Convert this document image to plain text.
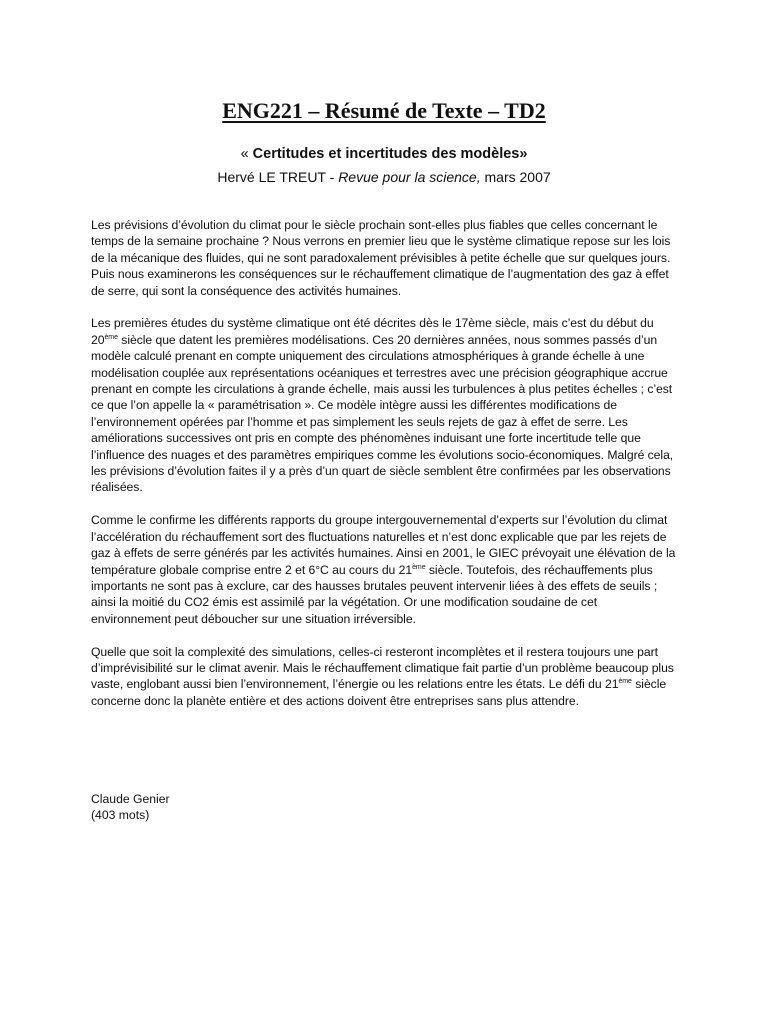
ENG221 – Résumé de Texte – TD2
« Certitudes et incertitudes des modèles»
Hervé LE TREUT - Revue pour la science, mars 2007

Les prévisions d’évolution du climat pour le siècle prochain sont-elles plus fiables que celles concernant le temps de la semaine prochaine ? Nous verrons en premier lieu que le système climatique repose sur les lois de la mécanique des fluides, qui ne sont paradoxalement prévisibles à petite échelle que sur quelques jours. Puis nous examinerons les conséquences sur le réchauffement climatique de l’augmentation des gaz à effet de serre, qui sont la conséquence des activités humaines.

Les premières études du système climatique ont été décrites dès le 17ème siècle, mais c’est du début du 20ème siècle que datent les premières modélisations. Ces 20 dernières années, nous sommes passés d’un modèle calculé prenant en compte uniquement des circulations atmosphériques à grande échelle à une modélisation couplée aux représentations océaniques et terrestres avec une précision géographique accrue prenant en compte les circulations à grande échelle, mais aussi les turbulences à plus petites échelles ; c’est ce que l’on appelle la « paramétrisation ». Ce modèle intègre aussi les différentes modifications de l’environnement opérées par l’homme et pas simplement les seuls rejets de gaz à effet de serre. Les améliorations successives ont pris en compte des phénomènes induisant une forte incertitude telle que l’influence des nuages et des paramètres empiriques comme les évolutions socio-économiques. Malgré cela, les prévisions d’évolution faites il y a près d’un quart de siècle semblent être confirmées par les observations réalisées.

Comme le confirme les différents rapports du groupe intergouvernemental d’experts sur l’évolution du climat l’accélération du réchauffement sort des fluctuations naturelles et n’est donc explicable que par les rejets de gaz à effets de serre générés par les activités humaines. Ainsi en 2001, le GIEC prévoyait une élévation de la température globale comprise entre 2 et 6°C au cours du 21ème siècle. Toutefois, des réchauffements plus importants ne sont pas à exclure, car des hausses brutales peuvent intervenir liées à des effets de seuils ; ainsi la moitié du CO2 émis est assimilé par la végétation. Or une modification soudaine de cet environnement peut déboucher sur une situation irréversible.

Quelle que soit la complexité des simulations, celles-ci resteront incomplètes et il restera toujours une part d’imprévisibilité sur le climat avenir. Mais le réchauffement climatique fait partie d’un problème beaucoup plus vaste, englobant aussi bien l’environnement, l’énergie ou les relations entre les états. Le défi du 21ème siècle concerne donc la planète entière et des actions doivent être entreprises sans plus attendre.

Claude Genier
(403 mots)
